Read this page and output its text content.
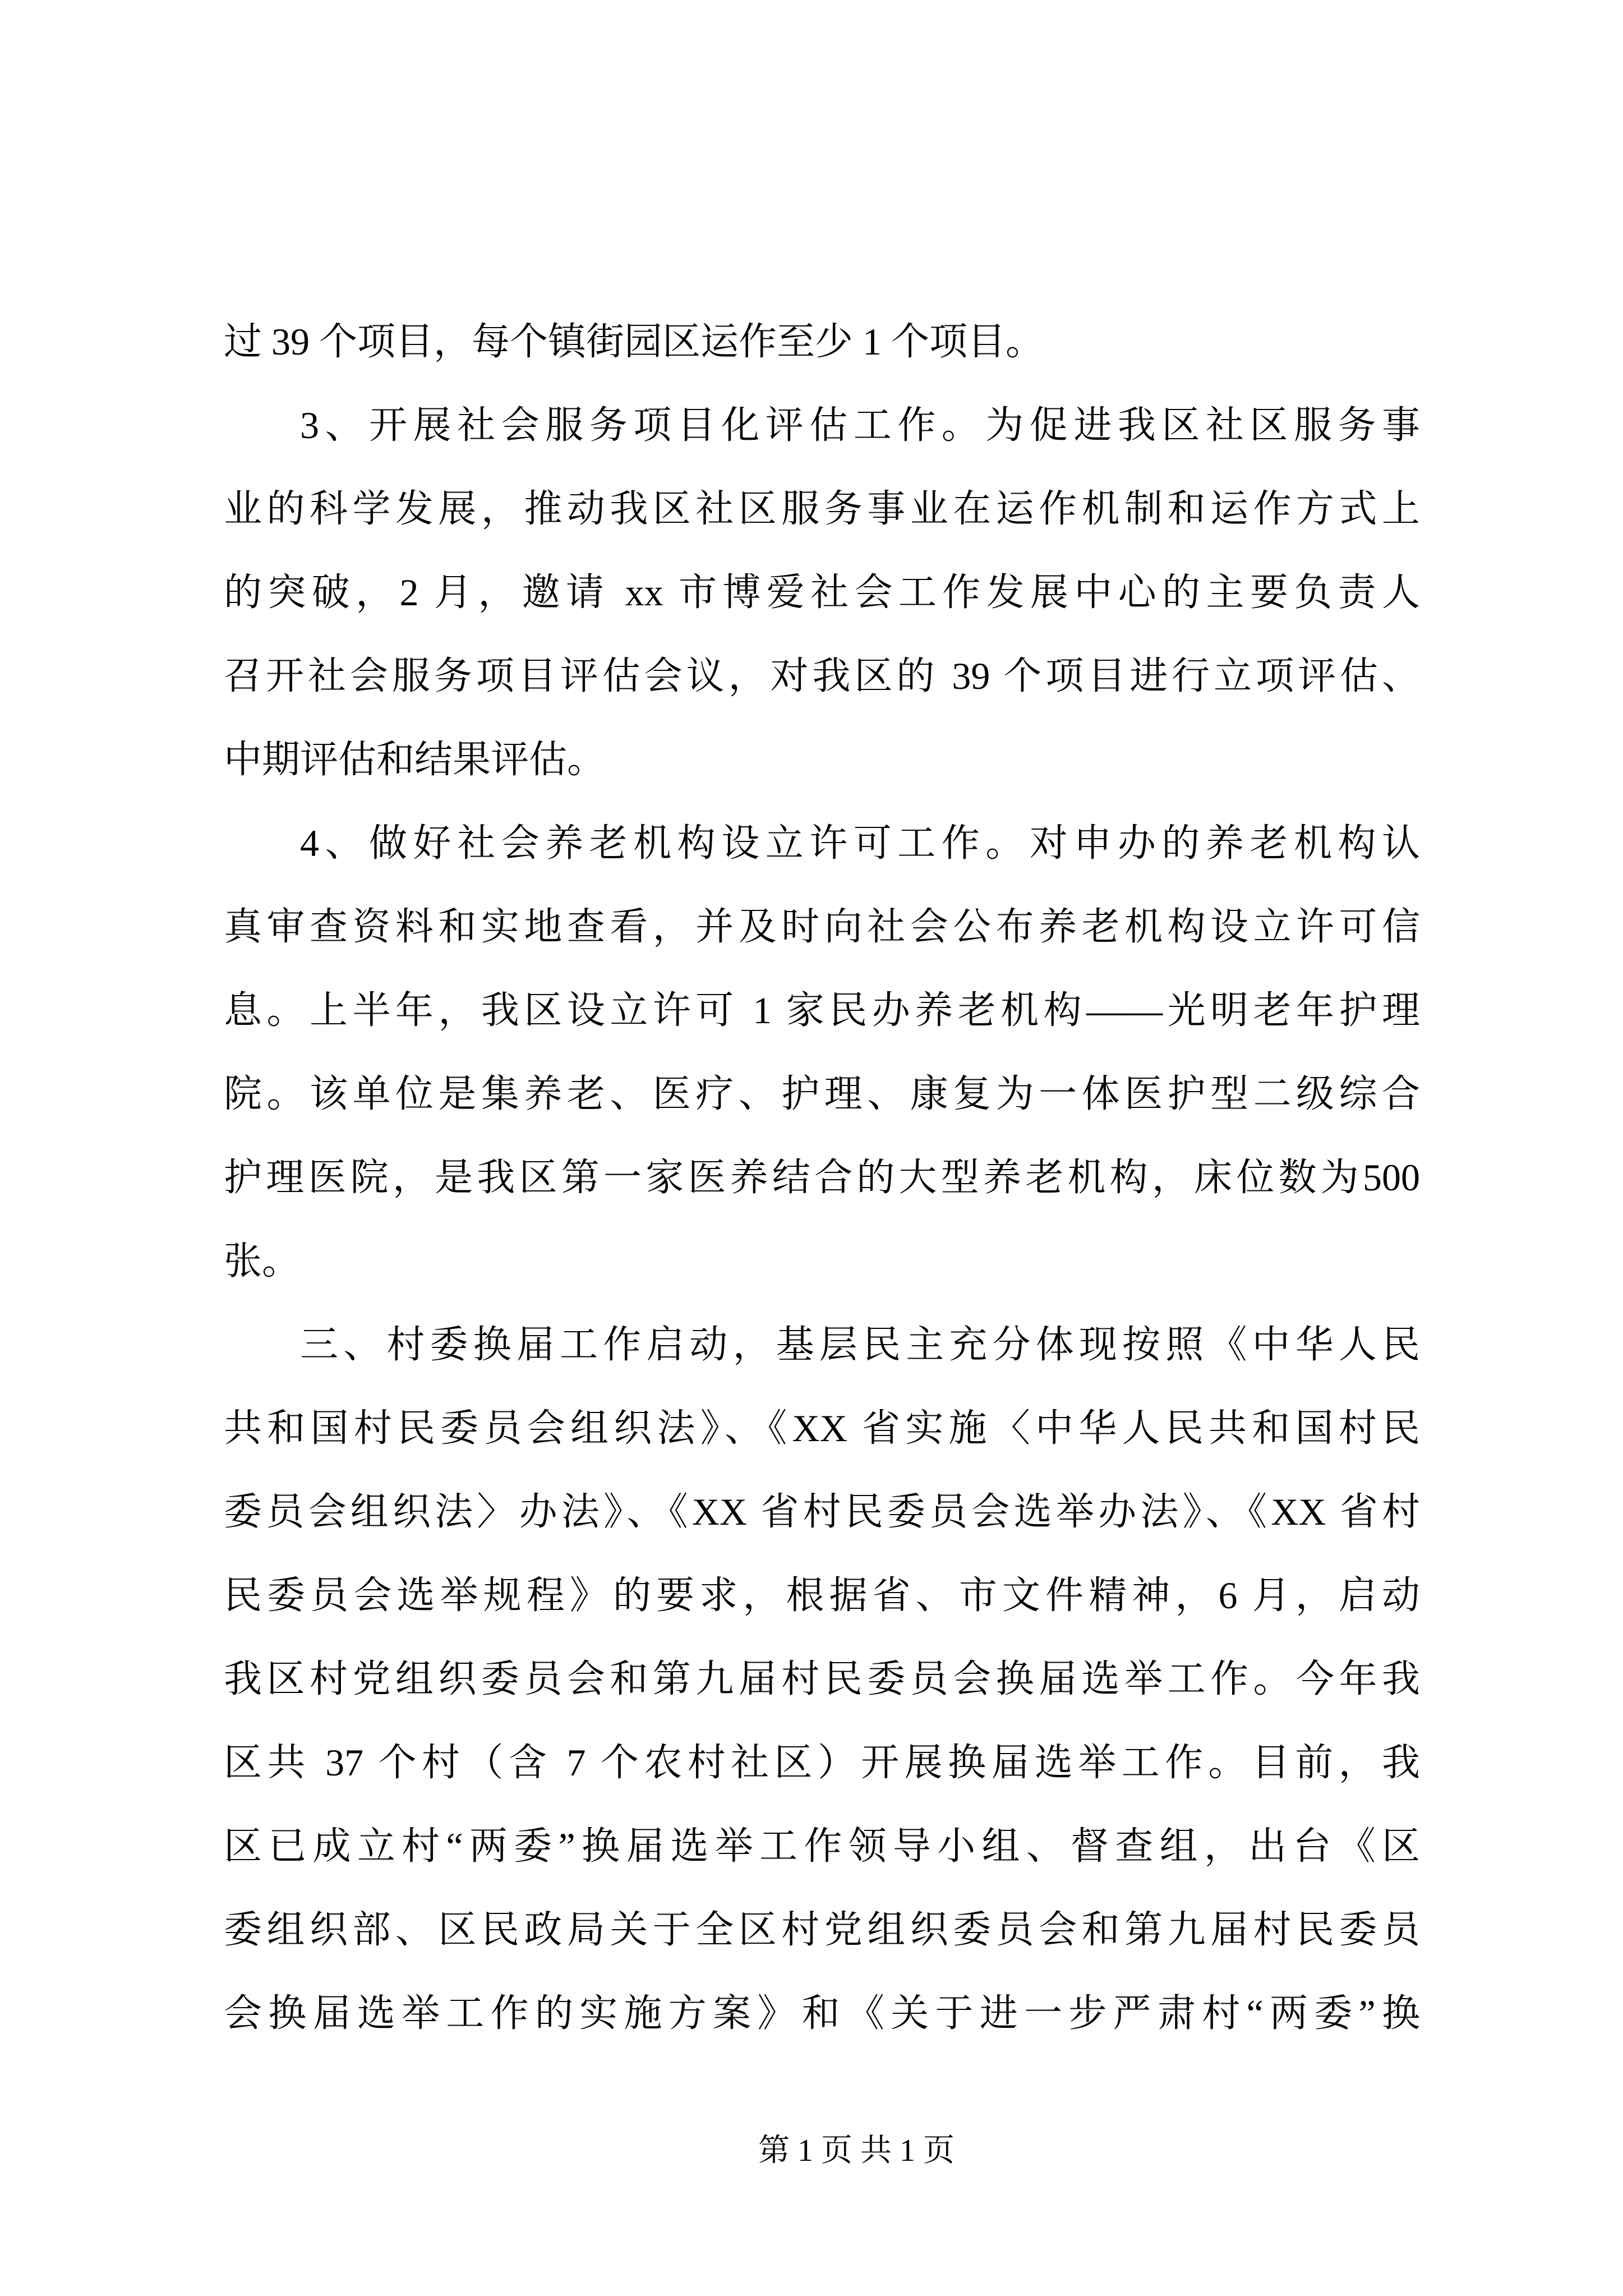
过 39 个项目，每个镇街园区运作至少 1 个项目。
3、开展社会服务项目化评估工作。为促进我区社区服务事
业的科学发展，推动我区社区服务事业在运作机制和运作方式上
的突破，2 月，邀请 xx 市博爱社会工作发展中心的主要负责人
召开社会服务项目评估会议，对我区的 39 个项目进行立项评估、
中期评估和结果评估。
4、做好社会养老机构设立许可工作。对申办的养老机构认
真审查资料和实地查看，并及时向社会公布养老机构设立许可信
息。上半年，我区设立许可 1 家民办养老机构——光明老年护理
院。该单位是集养老、医疗、护理、康复为一体医护型二级综合
护理医院，是我区第一家医养结合的大型养老机构，床位数为500
张。
三、村委换届工作启动，基层民主充分体现按照《中华人民
共和国村民委员会组织法》、《XX 省实施〈中华人民共和国村民
委员会组织法〉办法》、《XX 省村民委员会选举办法》、《XX 省村
民委员会选举规程》的要求，根据省、市文件精神，6 月，启动
我区村党组织委员会和第九届村民委员会换届选举工作。今年我
区共 37 个村（含 7 个农村社区）开展换届选举工作。目前，我
区已成立村“两委”换届选举工作领导小组、督查组，出台《区
委组织部、区民政局关于全区村党组织委员会和第九届村民委员
会换届选举工作的实施方案》和《关于进一步严肃村“两委”换
第 1 页 共 1 页
